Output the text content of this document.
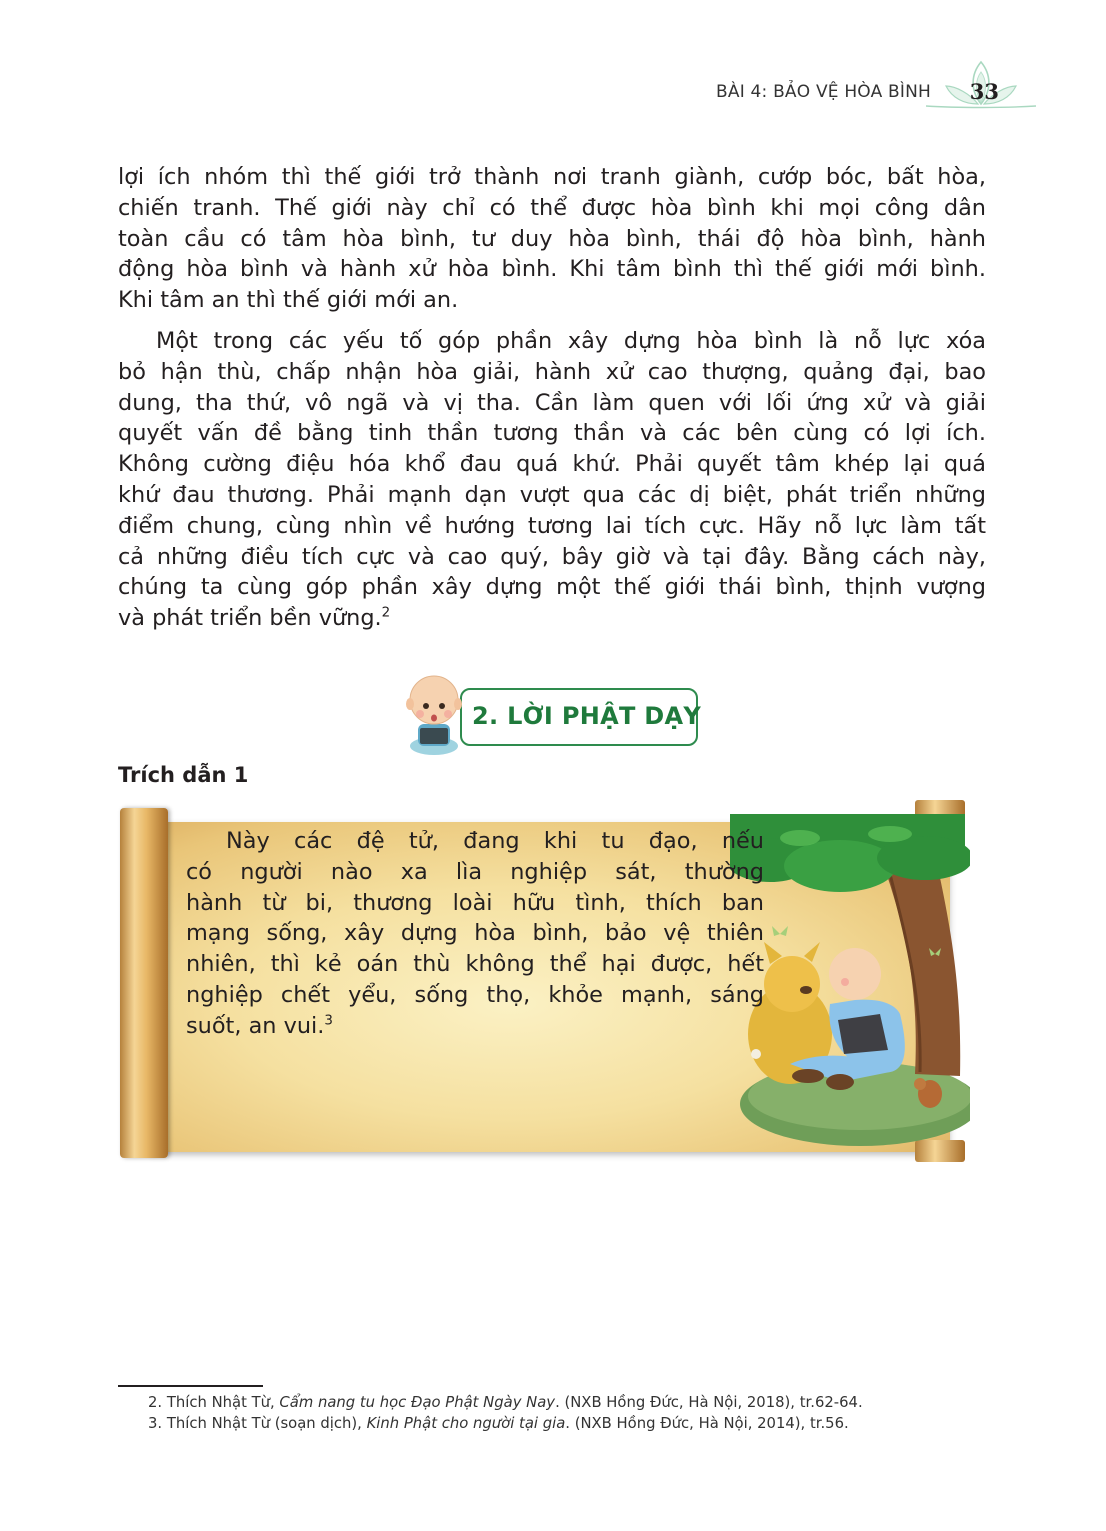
BÀI 4: BẢO VỆ HÒA BÌNH 33
lợi ích nhóm thì thế giới trở thành nơi tranh giành, cướp bóc, bất hòa,
chiến tranh. Thế giới này chỉ có thể được hòa bình khi mọi công dân
toàn cầu có tâm hòa bình, tư duy hòa bình, thái độ hòa bình, hành
động hòa bình và hành xử hòa bình. Khi tâm bình thì thế giới mới bình.
Khi tâm an thì thế giới mới an.
Một trong các yếu tố góp phần xây dựng hòa bình là nỗ lực xóa
bỏ hận thù, chấp nhận hòa giải, hành xử cao thượng, quảng đại, bao
dung, tha thứ, vô ngã và vị tha. Cần làm quen với lối ứng xử và giải
quyết vấn đề bằng tinh thần tương thần và các bên cùng có lợi ích.
Không cường điệu hóa khổ đau quá khứ. Phải quyết tâm khép lại quá
khứ đau thương. Phải mạnh dạn vượt qua các dị biệt, phát triển những
điểm chung, cùng nhìn về hướng tương lai tích cực. Hãy nỗ lực làm tất
cả những điều tích cực và cao quý, bây giờ và tại đây. Bằng cách này,
chúng ta cùng góp phần xây dựng một thế giới thái bình, thịnh vượng
và phát triển bền vững.$^2$
2. LỜI PHẬT DẠY
Trích dẫn 1
Này các đệ tử, đang khi tu đạo, nếu
có người nào xa lìa nghiệp sát, thường
hành từ bi, thương loài hữu tình, thích ban
mạng sống, xây dựng hòa bình, bảo vệ thiên
nhiên, thì kẻ oán thù không thể hại được, hết
nghiệp chết yểu, sống thọ, khỏe mạnh, sáng
suốt, an vui.$^3$
2. Thích Nhật Từ, Cẩm nang tu học Đạo Phật Ngày Nay. (NXB Hồng Đức, Hà Nội, 2018), tr.62-64.
3. Thích Nhật Từ (soạn dịch), Kinh Phật cho người tại gia. (NXB Hồng Đức, Hà Nội, 2014), tr.56.
